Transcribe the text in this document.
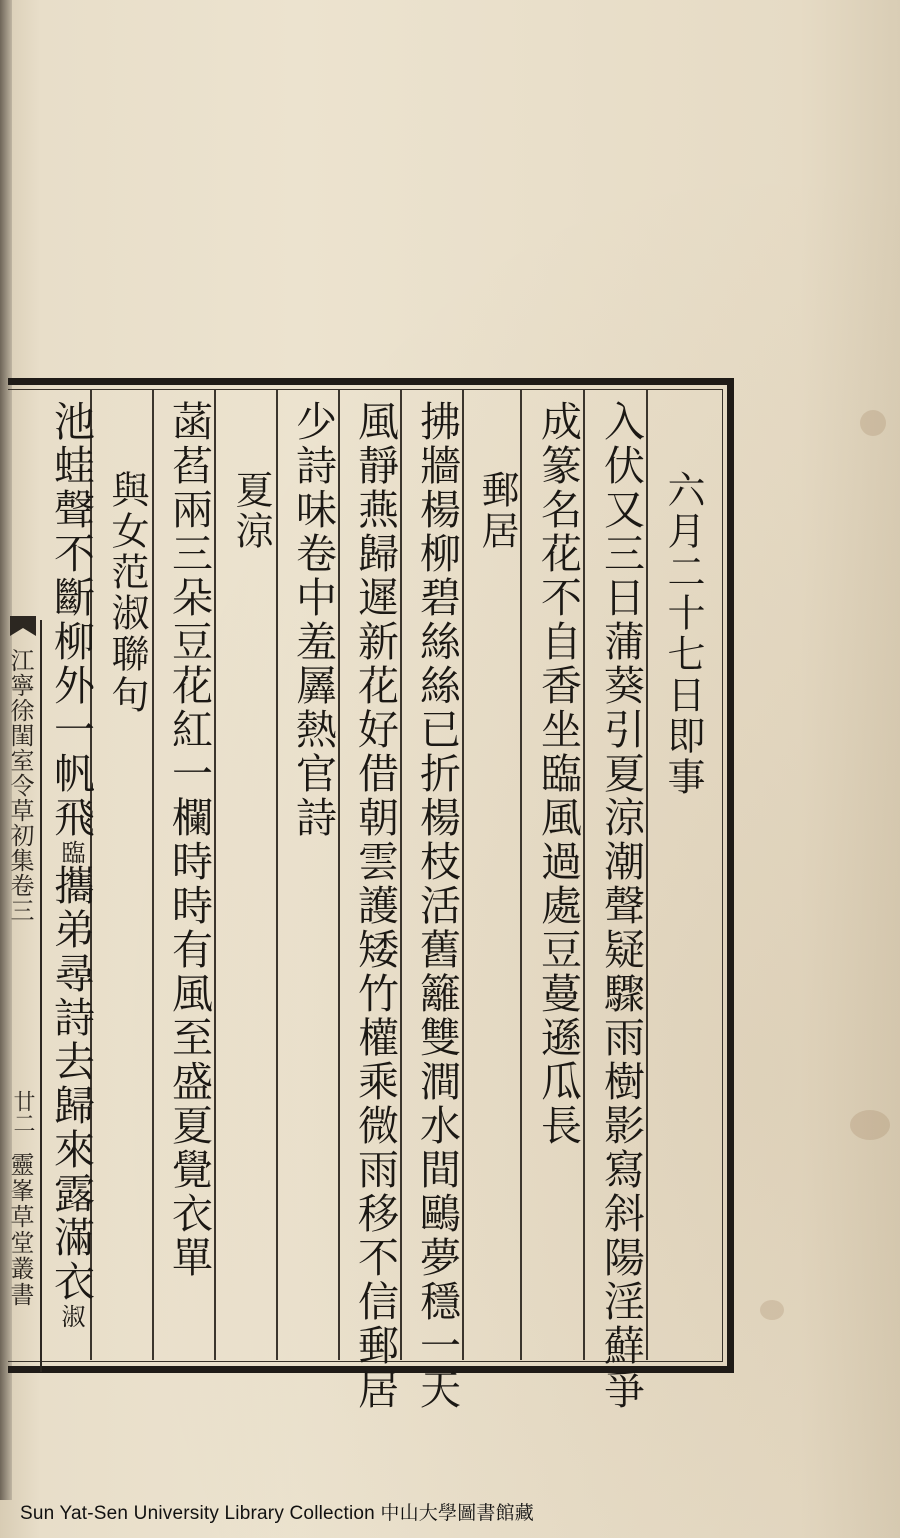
六月二十七日即事
入伏又三日蒲葵引夏涼潮聲疑驟雨樹影寫斜陽淫蘚爭
成篆名花不自香坐臨風過處豆蔓遜瓜長
郵居
拂牆楊柳碧絲絲已折楊枝活舊籬雙澗水間鷗夢穩一天
風靜燕歸遲新花好借朝雲護矮竹權乘微雨移不信郵居
少詩味卷中羞羼熱官詩
夏涼
菡萏兩三朵豆花紅一欄時時有風至盛夏覺衣單
與女范淑聯句
池蛙聲不斷柳外一帆飛臨攜弟尋詩去歸來露滿衣淑
江寧徐閨室令草初集卷三
廿二
靈峯草堂叢書
Sun Yat-Sen University Library Collection 中山大學圖書館藏
